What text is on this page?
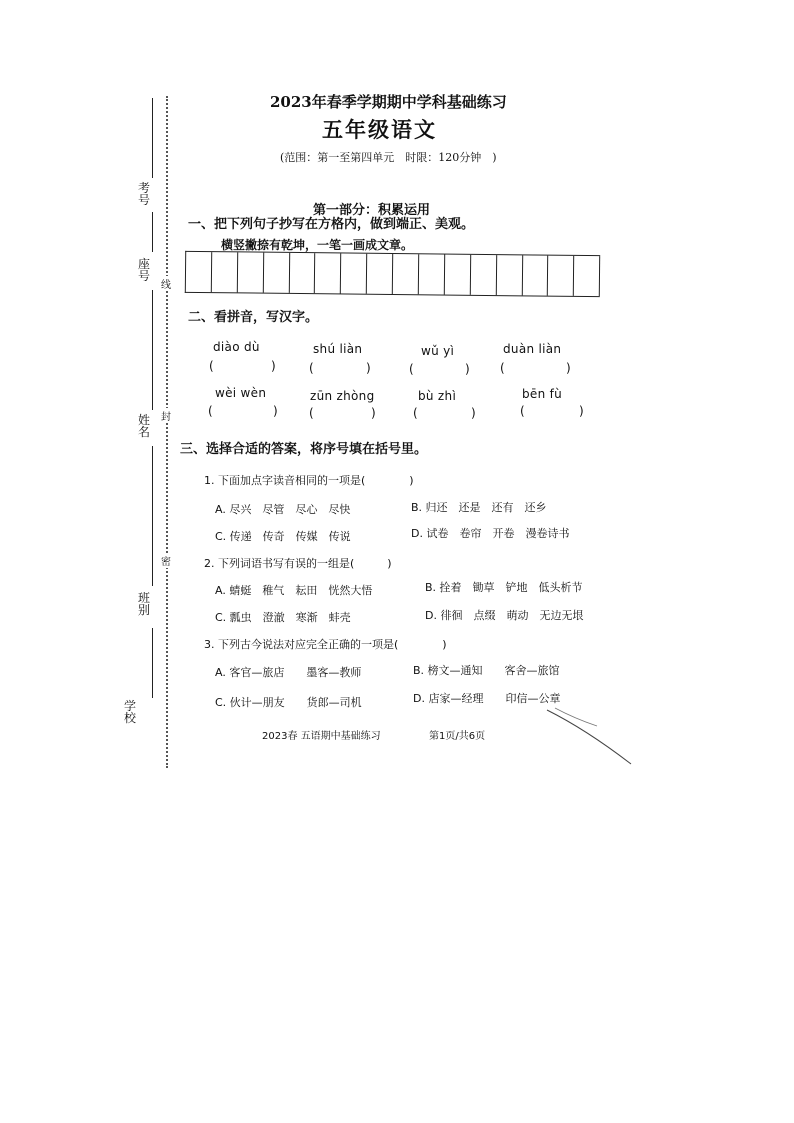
考号
座号
姓名
班别
学校
线
封
密
2023年春季学期期中学科基础练习
五年级语文
(范围：第一至第四单元　时限：120分钟　)
第一部分：积累运用
一、把下列句子抄写在方格内，做到端正、美观。
横竖撇捺有乾坤，一笔一画成文章。
二、看拼音，写汉字。
diào dù	shú liàn	wǔ yì	duàn liàn
(	)	(	)	(	)	(	)
wèi wèn	zūn zhòng	bù zhì	bēn fù
(	)	(	)	(	)	(	)
三、选择合适的答案，将序号填在括号里。
1. 下面加点字读音相同的一项是(　　　　)
A. 尽兴　尽管　尽心　尽快	B. 归还　还是　还有　还乡
C. 传递　传奇　传媒　传说	D. 试卷　卷帘　开卷　漫卷诗书
2. 下列词语书写有误的一组是(　　　)
A. 蜻蜓　稚气　耘田　恍然大悟	B. 拴着　锄草　铲地　低头析节
C. 瓢虫　澄澈　寒渐　蚌壳	D. 徘徊　点缀　萌动　无边无垠
3. 下列古今说法对应完全正确的一项是(　　　　)
A. 客官—旅店　　墨客—教师	B. 榜文—通知　　客舍—旅馆
C. 伙计—朋友　　货郎—司机	D. 店家—经理　　印信—公章
2023春 五语期中基础练习	第1页/共6页
